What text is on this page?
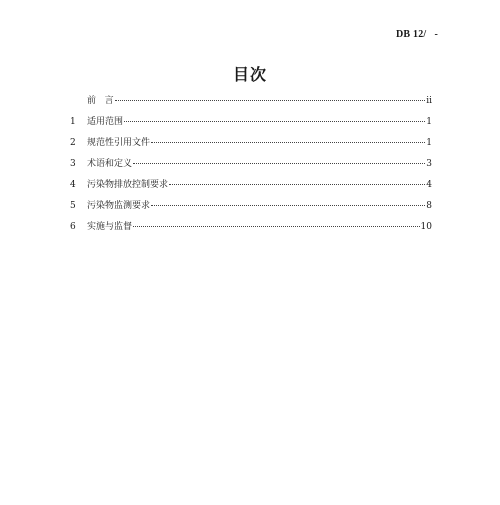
DB 12/   -
目次
前   言	ii
1	适用范围	1
2	规范性引用文件	1
3	术语和定义	3
4	污染物排放控制要求	4
5	污染物监测要求	8
6	实施与监督	10
